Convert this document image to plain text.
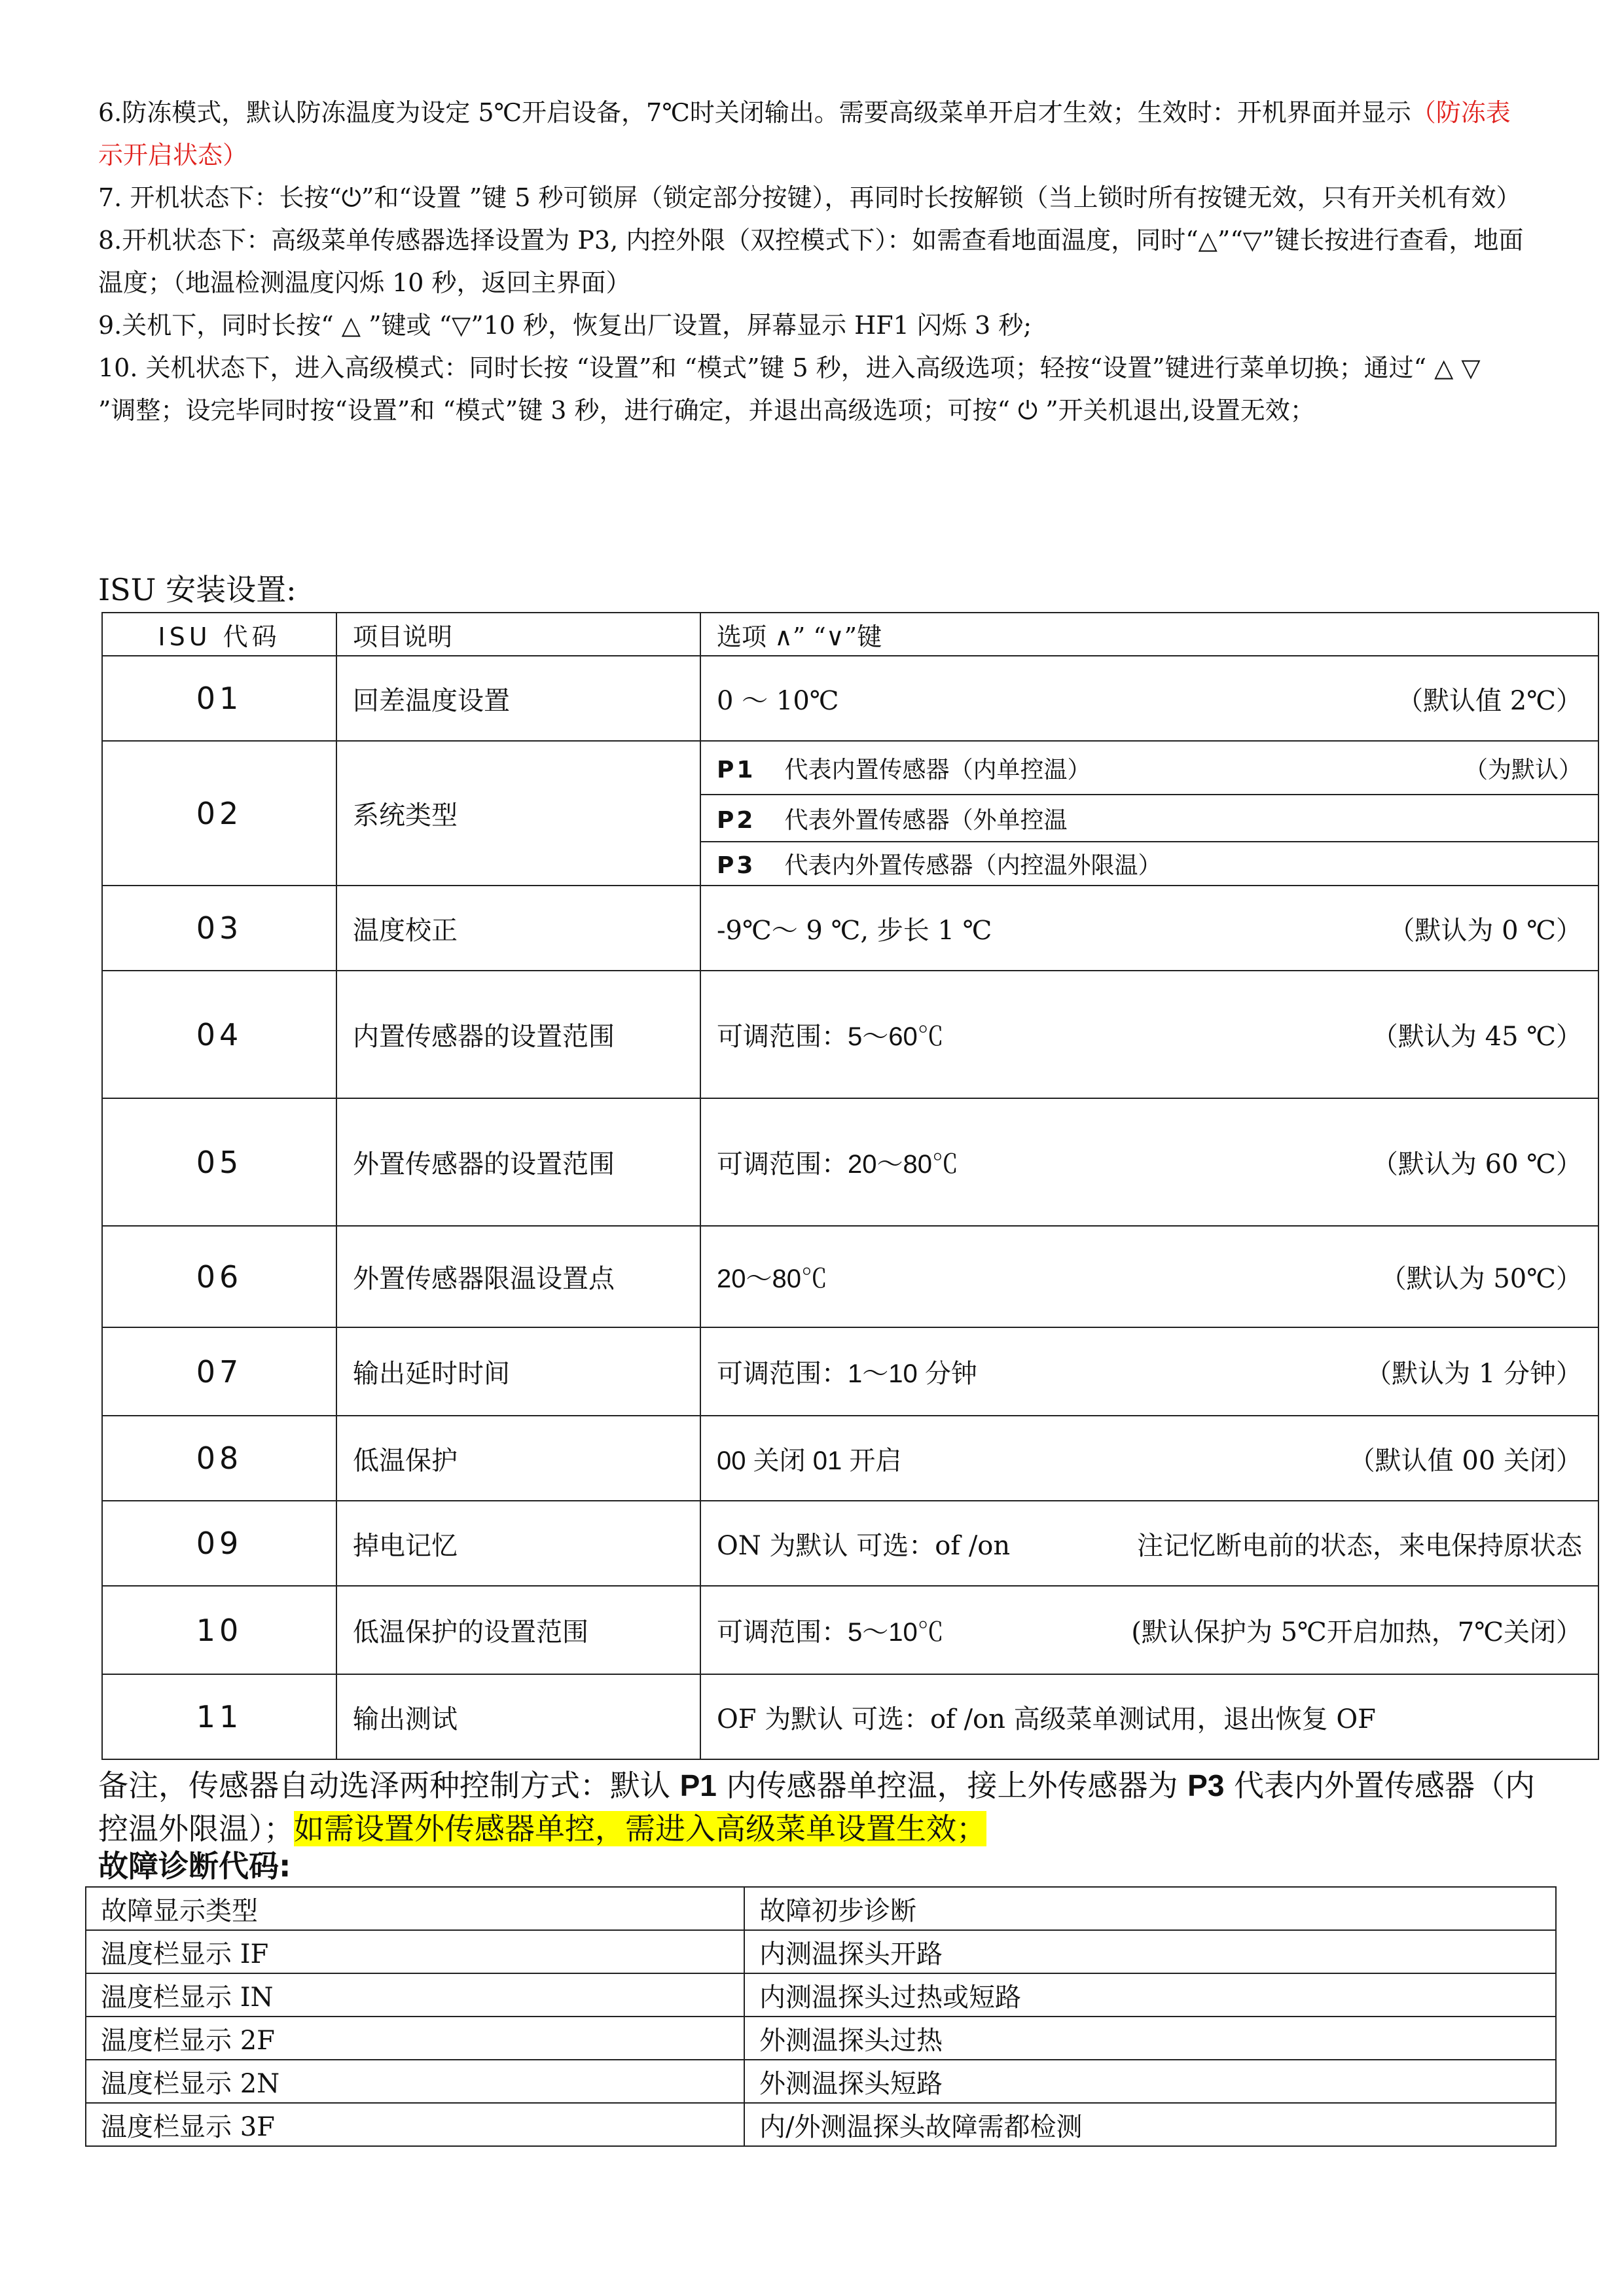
6.防冻模式，默认防冻温度为设定 5℃开启设备，7℃时关闭输出。需要高级菜单开启才生效；生效时：开机界面并显示（防冻表示开启状态）

7. 开机状态下：长按“⏻”和“设置 ”键 5 秒可锁屏（锁定部分按键），再同时长按解锁（当上锁时所有按键无效，只有开关机有效）

8.开机状态下：高级菜单传感器选择设置为 P3, 内控外限（双控模式下）：如需查看地面温度，同时“△”“▽”键长按进行查看，地面温度；（地温检测温度闪烁 10 秒，返回主界面）

9.关机下，同时长按“ △ ”键或 “▽”10 秒，恢复出厂设置，屏幕显示 HF1 闪烁 3 秒;

10. 关机状态下，进入高级模式：同时长按 “设置”和 “模式”键 5 秒，进入高级选项；轻按“设置”键进行菜单切换；通过“ △ ▽ ”调整；设完毕同时按“设置”和 “模式”键 3 秒，进行确定，并退出高级选项；可按“ ⏻ ”开关机退出,设置无效；

ISU 安装设置:
ISU 代码	项目说明	选项 ∧” “∨”键
01	回差温度设置	0 ～ 10℃ （默认值 2℃）

02	系统类型	P1 代表内置传感器（内单控温） （为默认）
P2 代表外置传感器（外单控温
P3 代表内外置传感器（内控温外限温）

03	温度校正	-9℃～ 9 ℃, 步长 1 ℃ （默认为 0 ℃）

04	内置传感器的设置范围	可调范围：5～60℃ （默认为 45 ℃）

05	外置传感器的设置范围	可调范围：20～80℃ （默认为 60 ℃）

06	外置传感器限温设置点	20～80℃ （默认为 50℃）

07	输出延时时间	可调范围：1～10 分钟 （默认为 1 分钟）

08	低温保护	00 关闭 01 开启 （默认值 00 关闭）

09	掉电记忆	ON 为默认 可选：of /on 注记忆断电前的状态，来电保持原状态

10	低温保护的设置范围	可调范围：5～10℃ (默认保护为 5℃开启加热，7℃关闭）

11	输出测试	OF 为默认 可选：of /on 高级菜单测试用，退出恢复 OF

备注，传感器自动选泽两种控制方式：默认 P1 内传感器单控温，接上外传感器为 P3 代表内外置传感器（内控温外限温）；如需设置外传感器单控，需进入高级菜单设置生效；

故障诊断代码:
故障显示类型	故障初步诊断
温度栏显示 IF	内测温探头开路
温度栏显示 IN	内测温探头过热或短路
温度栏显示 2F	外测温探头过热
温度栏显示 2N	外测温探头短路
温度栏显示 3F	内/外测温探头故障需都检测
